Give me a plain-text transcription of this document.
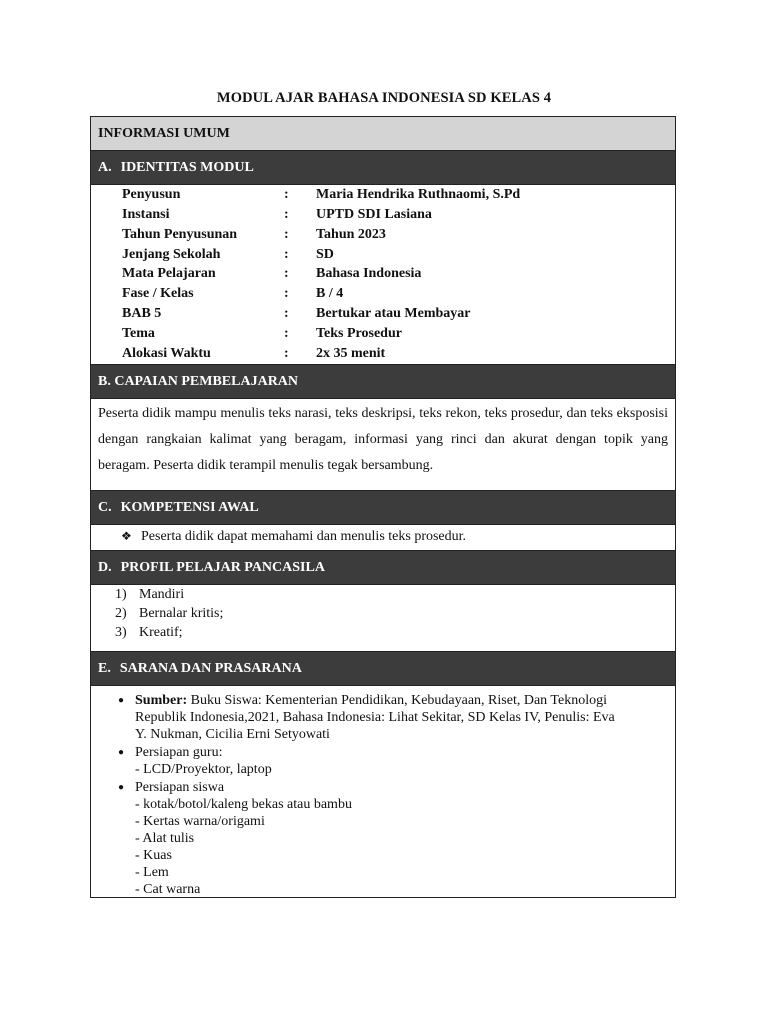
MODUL AJAR BAHASA INDONESIA SD KELAS 4
INFORMASI UMUM
A. IDENTITAS MODUL
Penyusun	: Maria Hendrika Ruthnaomi, S.Pd
Instansi	: UPTD SDI Lasiana
Tahun Penyusunan	: Tahun 2023
Jenjang Sekolah	: SD
Mata Pelajaran	: Bahasa Indonesia
Fase / Kelas	: B / 4
BAB 5	: Bertukar atau Membayar
Tema	: Teks Prosedur
Alokasi Waktu	: 2x 35 menit
B. CAPAIAN PEMBELAJARAN
Peserta didik mampu menulis teks narasi, teks deskripsi, teks rekon, teks prosedur, dan teks eksposisi dengan rangkaian kalimat yang beragam, informasi yang rinci dan akurat dengan topik yang beragam. Peserta didik terampil menulis tegak bersambung.
C. KOMPETENSI AWAL
❖ Peserta didik dapat memahami dan menulis teks prosedur.
D. PROFIL PELAJAR PANCASILA
1) Mandiri
2) Bernalar kritis;
3) Kreatif;
E. SARANA DAN PRASARANA
● Sumber: Buku Siswa: Kementerian Pendidikan, Kebudayaan, Riset, Dan Teknologi
Republik Indonesia,2021, Bahasa Indonesia: Lihat Sekitar, SD Kelas IV, Penulis: Eva
Y. Nukman, Cicilia Erni Setyowati
● Persiapan guru:
- LCD/Proyektor, laptop
● Persiapan siswa
- kotak/botol/kaleng bekas atau bambu
- Kertas warna/origami
- Alat tulis
- Kuas
- Lem
- Cat warna
